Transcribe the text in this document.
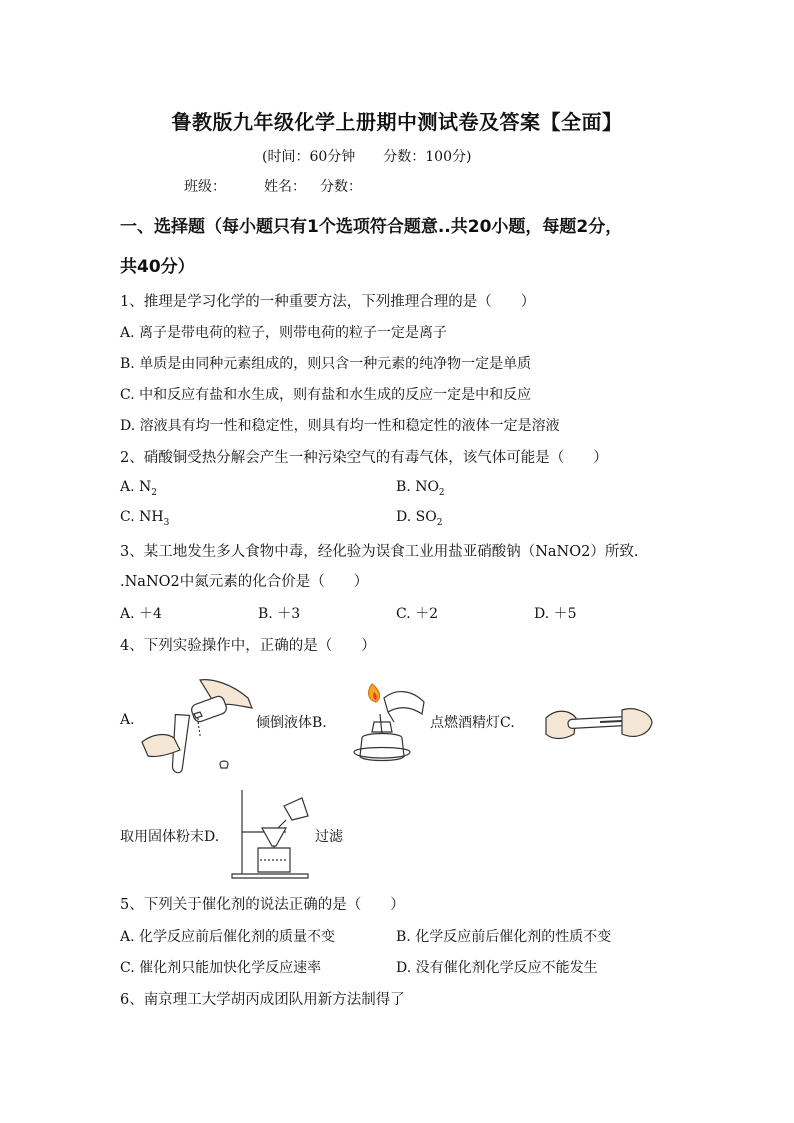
鲁教版九年级化学上册期中测试卷及答案【全面】
(时间：60分钟　　分数：100分)
班级：	姓名： 分数：
一、选择题（每小题只有1个选项符合题意..共20小题，每题2分，
共40分）
1、推理是学习化学的一种重要方法，下列推理合理的是（　　）
A. 离子是带电荷的粒子，则带电荷的粒子一定是离子
B. 单质是由同种元素组成的，则只含一种元素的纯净物一定是单质
C. 中和反应有盐和水生成，则有盐和水生成的反应一定是中和反应
D. 溶液具有均一性和稳定性，则具有均一性和稳定性的液体一定是溶液
2、硝酸铜受热分解会产生一种污染空气的有毒气体，该气体可能是（　　）
A. $N_2$	B. $NO_2$
C. $NH_3$	D. $SO_2$
3、某工地发生多人食物中毒，经化验为误食工业用盐亚硝酸钠（NaNO2）所致.
.NaNO2中氮元素的化合价是（　　）
A. ＋4	B. ＋3	C. ＋2	D. ＋5
4、下列实验操作中，正确的是（　　）
A.	倾倒液体B.	点燃酒精灯C.
取用固体粉末D.	过滤
5、下列关于催化剂的说法正确的是（　　）
A. 化学反应前后催化剂的质量不变	B. 化学反应前后催化剂的性质不变
C. 催化剂只能加快化学反应速率	D. 没有催化剂化学反应不能发生
6、南京理工大学胡丙成团队用新方法制得了
